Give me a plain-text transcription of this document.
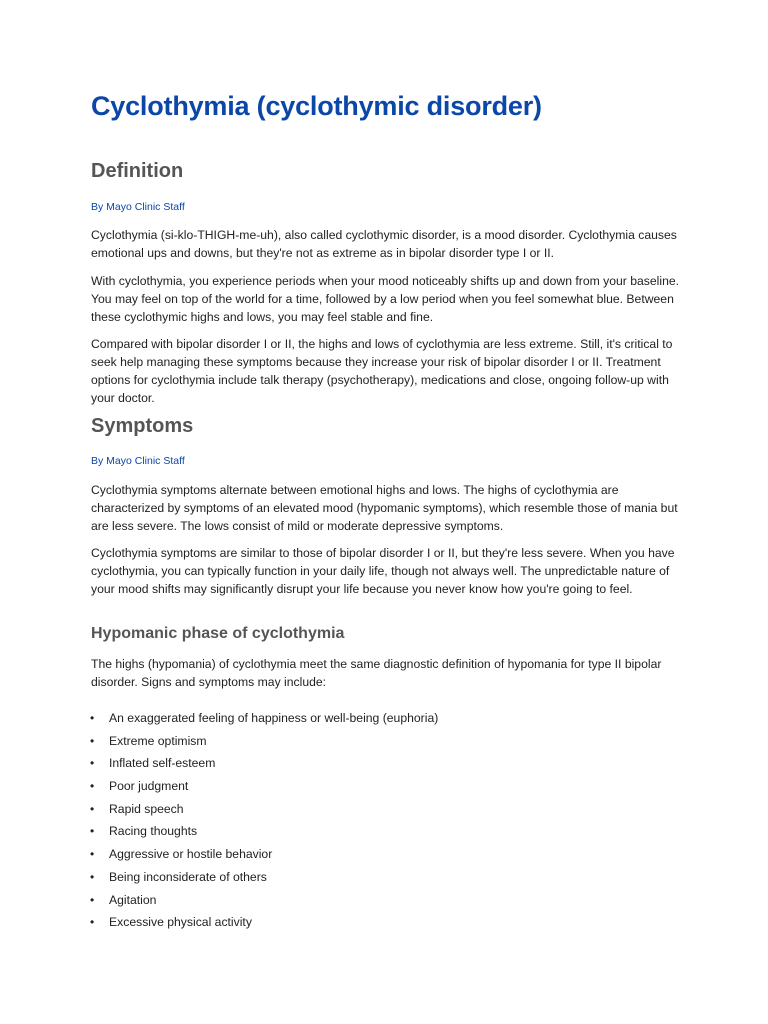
Cyclothymia (cyclothymic disorder)
Definition
By Mayo Clinic Staff

Cyclothymia (si-klo-THIGH-me-uh), also called cyclothymic disorder, is a mood disorder. Cyclothymia causes emotional ups and downs, but they're not as extreme as in bipolar disorder type I or II.

With cyclothymia, you experience periods when your mood noticeably shifts up and down from your baseline. You may feel on top of the world for a time, followed by a low period when you feel somewhat blue. Between these cyclothymic highs and lows, you may feel stable and fine.

Compared with bipolar disorder I or II, the highs and lows of cyclothymia are less extreme. Still, it's critical to seek help managing these symptoms because they increase your risk of bipolar disorder I or II. Treatment options for cyclothymia include talk therapy (psychotherapy), medications and close, ongoing follow-up with your doctor.

Symptoms
By Mayo Clinic Staff

Cyclothymia symptoms alternate between emotional highs and lows. The highs of cyclothymia are characterized by symptoms of an elevated mood (hypomanic symptoms), which resemble those of mania but are less severe. The lows consist of mild or moderate depressive symptoms.

Cyclothymia symptoms are similar to those of bipolar disorder I or II, but they're less severe. When you have cyclothymia, you can typically function in your daily life, though not always well. The unpredictable nature of your mood shifts may significantly disrupt your life because you never know how you're going to feel.

Hypomanic phase of cyclothymia

The highs (hypomania) of cyclothymia meet the same diagnostic definition of hypomania for type II bipolar disorder. Signs and symptoms may include:

• An exaggerated feeling of happiness or well-being (euphoria)
• Extreme optimism
• Inflated self-esteem
• Poor judgment
• Rapid speech
• Racing thoughts
• Aggressive or hostile behavior
• Being inconsiderate of others
• Agitation
• Excessive physical activity
